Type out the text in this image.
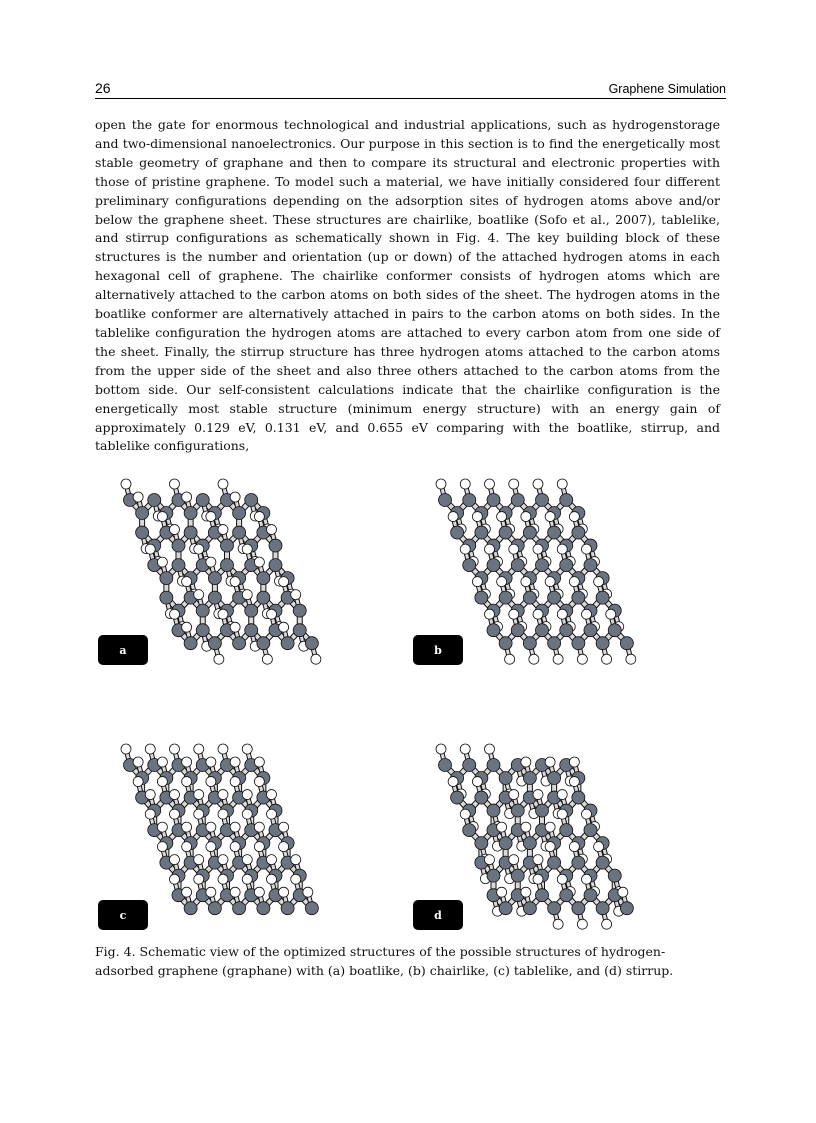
26	Graphene Simulation

open the gate for enormous technological and industrial applications, such as hydrogenstorage and two-dimensional nanoelectronics. Our purpose in this section is to find the energetically most stable geometry of graphane and then to compare its structural and electronic properties with those of pristine graphene. To model such a material, we have initially considered four different preliminary configurations depending on the adsorption sites of hydrogen atoms above and/or below the graphene sheet. These structures are chairlike, boatlike (Sofo et al., 2007), tablelike, and stirrup configurations as schematically shown in Fig. 4. The key building block of these structures is the number and orientation (up or down) of the attached hydrogen atoms in each hexagonal cell of graphene. The chairlike conformer consists of hydrogen atoms which are alternatively attached to the carbon atoms on both sides of the sheet. The hydrogen atoms in the boatlike conformer are alternatively attached in pairs to the carbon atoms on both sides. In the tablelike configuration the hydrogen atoms are attached to every carbon atom from one side of the sheet. Finally, the stirrup structure has three hydrogen atoms attached to the carbon atoms from the upper side of the sheet and also three others attached to the carbon atoms from the bottom side. Our self-consistent calculations indicate that the chairlike configuration is the energetically most stable structure (minimum energy structure) with an energy gain of approximately 0.129 eV, 0.131 eV, and 0.655 eV comparing with the boatlike, stirrup, and tablelike configurations,

a	b
c	d
Fig. 4. Schematic view of the optimized structures of the possible structures of hydrogen-adsorbed graphene (graphane) with (a) boatlike, (b) chairlike, (c) tablelike, and (d) stirrup.
